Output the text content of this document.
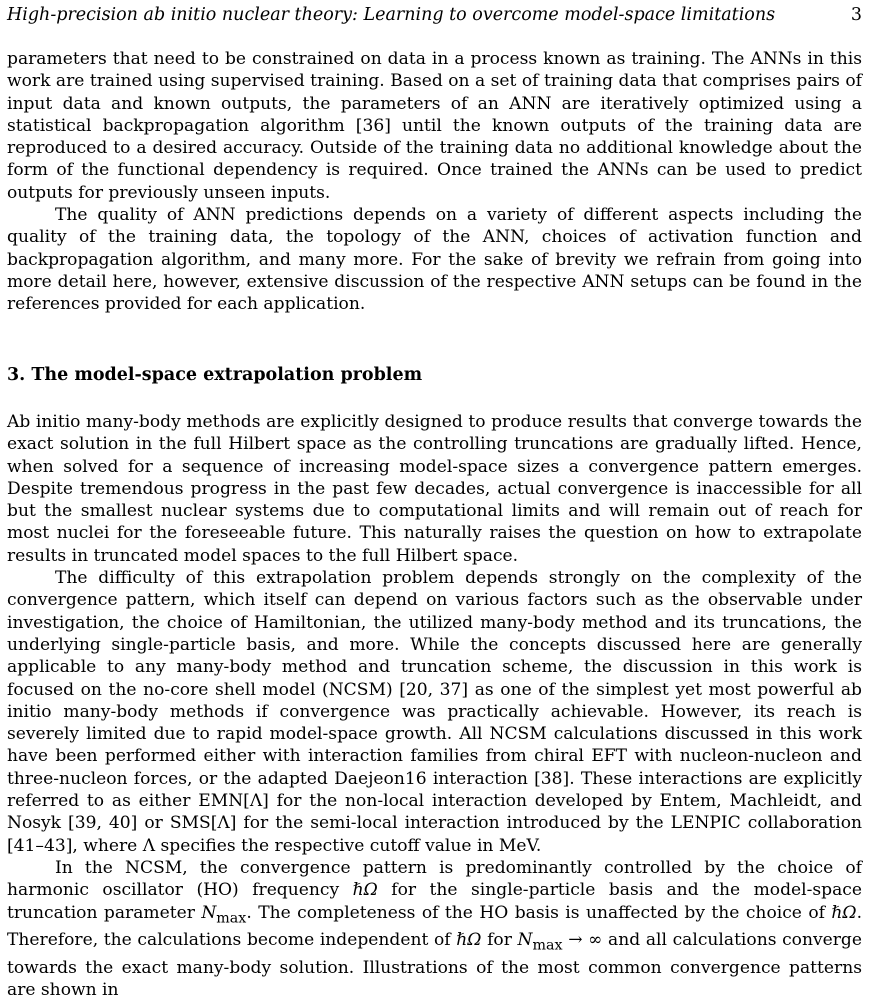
High-precision ab initio nuclear theory: Learning to overcome model-space limitations	3

parameters that need to be constrained on data in a process known as training. The ANNs in this work are trained using supervised training. Based on a set of training data that comprises pairs of input data and known outputs, the parameters of an ANN are iteratively optimized using a statistical backpropagation algorithm [36] until the known outputs of the training data are reproduced to a desired accuracy. Outside of the training data no additional knowledge about the form of the functional dependency is required. Once trained the ANNs can be used to predict outputs for previously unseen inputs.

The quality of ANN predictions depends on a variety of different aspects including the quality of the training data, the topology of the ANN, choices of activation function and backpropagation algorithm, and many more. For the sake of brevity we refrain from going into more detail here, however, extensive discussion of the respective ANN setups can be found in the references provided for each application.

3. The model-space extrapolation problem

Ab initio many-body methods are explicitly designed to produce results that converge towards the exact solution in the full Hilbert space as the controlling truncations are gradually lifted. Hence, when solved for a sequence of increasing model-space sizes a convergence pattern emerges. Despite tremendous progress in the past few decades, actual convergence is inaccessible for all but the smallest nuclear systems due to computational limits and will remain out of reach for most nuclei for the foreseeable future. This naturally raises the question on how to extrapolate results in truncated model spaces to the full Hilbert space.

The difficulty of this extrapolation problem depends strongly on the complexity of the convergence pattern, which itself can depend on various factors such as the observable under investigation, the choice of Hamiltonian, the utilized many-body method and its truncations, the underlying single-particle basis, and more. While the concepts discussed here are generally applicable to any many-body method and truncation scheme, the discussion in this work is focused on the no-core shell model (NCSM) [20, 37] as one of the simplest yet most powerful ab initio many-body methods if convergence was practically achievable. However, its reach is severely limited due to rapid model-space growth. All NCSM calculations discussed in this work have been performed either with interaction families from chiral EFT with nucleon-nucleon and three-nucleon forces, or the adapted Daejeon16 interaction [38]. These interactions are explicitly referred to as either EMN[Λ] for the non-local interaction developed by Entem, Machleidt, and Nosyk [39, 40] or SMS[Λ] for the semi-local interaction introduced by the LENPIC collaboration [41–43], where Λ specifies the respective cutoff value in MeV.

In the NCSM, the convergence pattern is predominantly controlled by the choice of harmonic oscillator (HO) frequency ℏΩ for the single-particle basis and the model-space truncation parameter $N_{max}$. The completeness of the HO basis is unaffected by the choice of ℏΩ. Therefore, the calculations become independent of ℏΩ for $N_{max}$ → ∞ and all calculations converge towards the exact many-body solution. Illustrations of the most common convergence patterns are shown in
